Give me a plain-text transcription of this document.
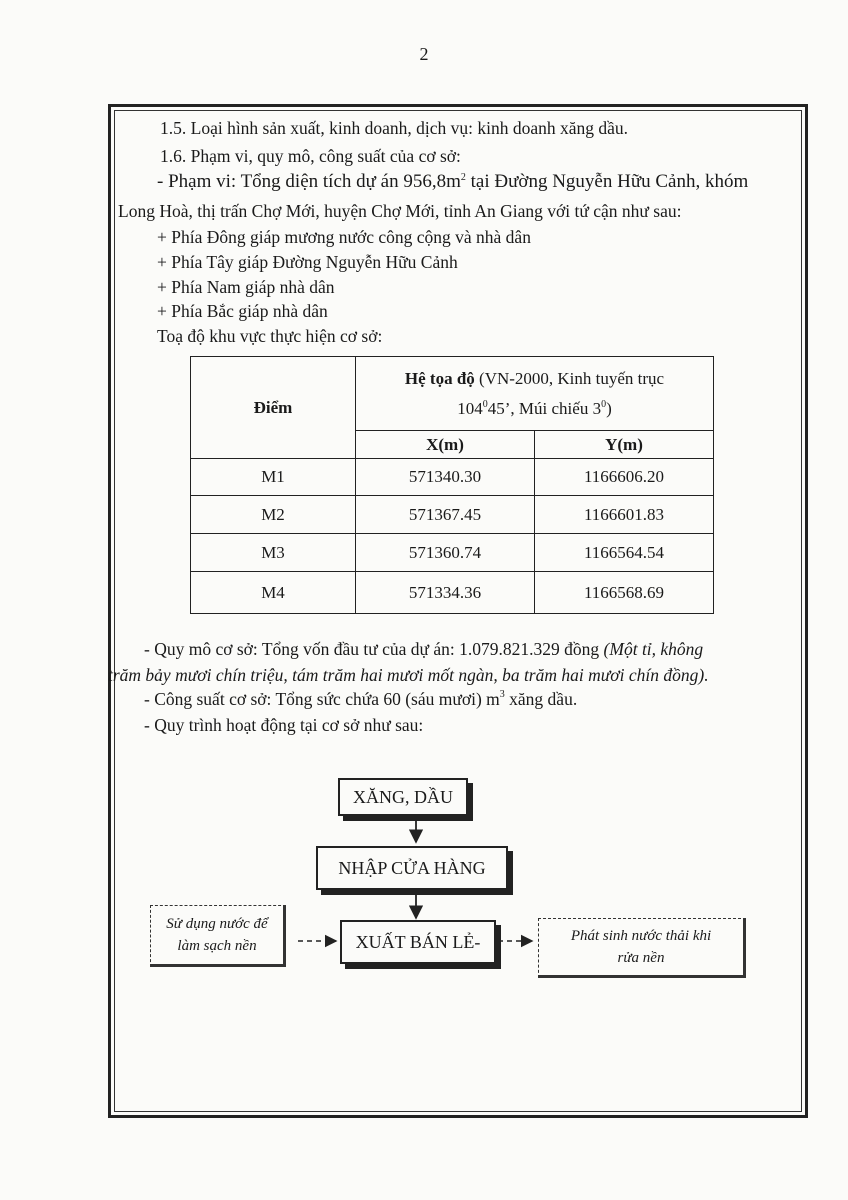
2
1.5. Loại hình sản xuất, kinh doanh, dịch vụ: kinh doanh xăng dầu.
1.6. Phạm vi, quy mô, công suất của cơ sở:
- Phạm vi: Tổng diện tích dự án $956,8m^2$ tại Đường Nguyễn Hữu Cảnh, khóm
Long Hoà, thị trấn Chợ Mới, huyện Chợ Mới, tỉnh An Giang với tứ cận như sau:
+ Phía Đông giáp mương nước công cộng và nhà dân
+ Phía Tây giáp Đường Nguyễn Hữu Cảnh
+ Phía Nam giáp nhà dân
+ Phía Bắc giáp nhà dân
Toạ độ khu vực thực hiện cơ sở:
Điểm	Hệ tọa độ (VN-2000, Kinh tuyến trục
$104^045$’, Múi chiếu $3^0$)	

	X(m)	Y(m)
M1	571340.30	1166606.20
M2	571367.45	1166601.83
M3	571360.74	1166564.54
M4	571334.36	1166568.69
- Quy mô cơ sở: Tổng vốn đầu tư của dự án: 1.079.821.329 đồng (Một tỉ, không
trăm bảy mươi chín triệu, tám trăm hai mươi mốt ngàn, ba trăm hai mươi chín đồng).
- Công suất cơ sở: Tổng sức chứa 60 (sáu mươi) $m^3$ xăng dầu.
- Quy trình hoạt động tại cơ sở như sau:
XĂNG, DẦU
NHẬP CỬA HÀNG
XUẤT BÁN LẺ-
Sử dụng nước để
làm sạch nền
Phát sinh nước thải khi
rửa nền
